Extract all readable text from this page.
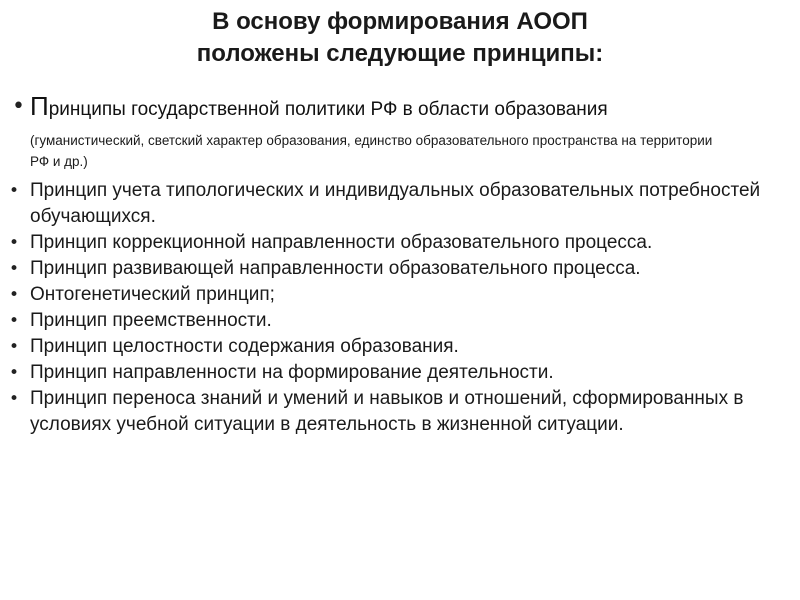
В основу формирования АООП
положены следующие принципы:
• Принципы государственной политики РФ в области образования
(гуманистический, светский характер образования, единство образовательного пространства на территории РФ и др.)
• Принцип учета типологических и индивидуальных образовательных потребностей обучающихся.
• Принцип коррекционной направленности образовательного процесса.
• Принцип развивающей направленности образовательного процесса.
• Онтогенетический принцип;
• Принцип преемственности.
• Принцип целостности содержания образования.
• Принцип направленности на формирование деятельности.
• Принцип переноса знаний и умений и навыков и отношений, сформированных в условиях учебной ситуации в деятельность в жизненной ситуации.
